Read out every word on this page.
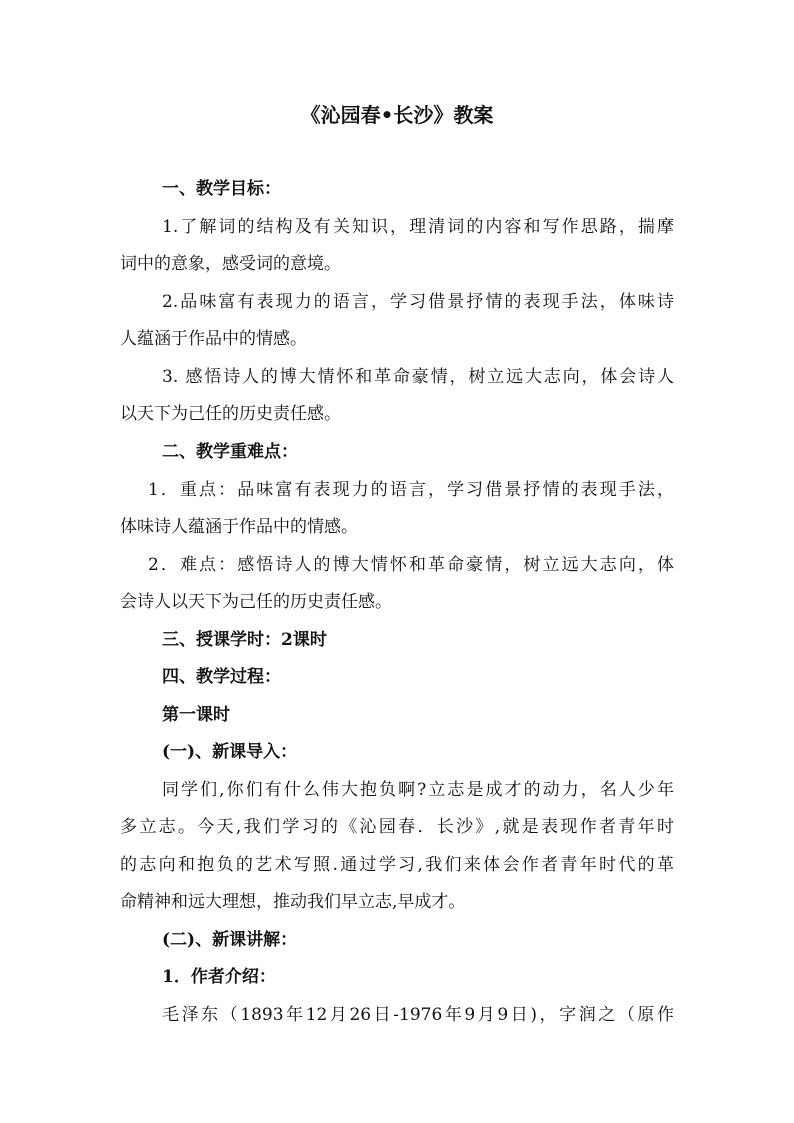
《沁园春•长沙》教案
一、教学目标：
1.了解词的结构及有关知识，理清词的内容和写作思路，揣摩
词中的意象，感受词的意境。
2.品味富有表现力的语言，学习借景抒情的表现手法，体味诗
人蕴涵于作品中的情感。
3. 感悟诗人的博大情怀和革命豪情，树立远大志向，体会诗人
以天下为己任的历史责任感。
二、教学重难点：
1．重点：品味富有表现力的语言，学习借景抒情的表现手法，
体味诗人蕴涵于作品中的情感。
2．难点：感悟诗人的博大情怀和革命豪情，树立远大志向，体
会诗人以天下为己任的历史责任感。
三、授课学时：2课时
四、教学过程：
第一课时
(一)、新课导入：
同学们,你们有什么伟大抱负啊?立志是成才的动力，名人少年
多立志。今天,我们学习的《沁园春．长沙》,就是表现作者青年时
的志向和抱负的艺术写照.通过学习,我们来体会作者青年时代的革
命精神和远大理想，推动我们早立志,早成才。
(二)、新课讲解：
1．作者介绍：
毛泽东（1893年12月26日-1976年9月9日)，字润之（原作
